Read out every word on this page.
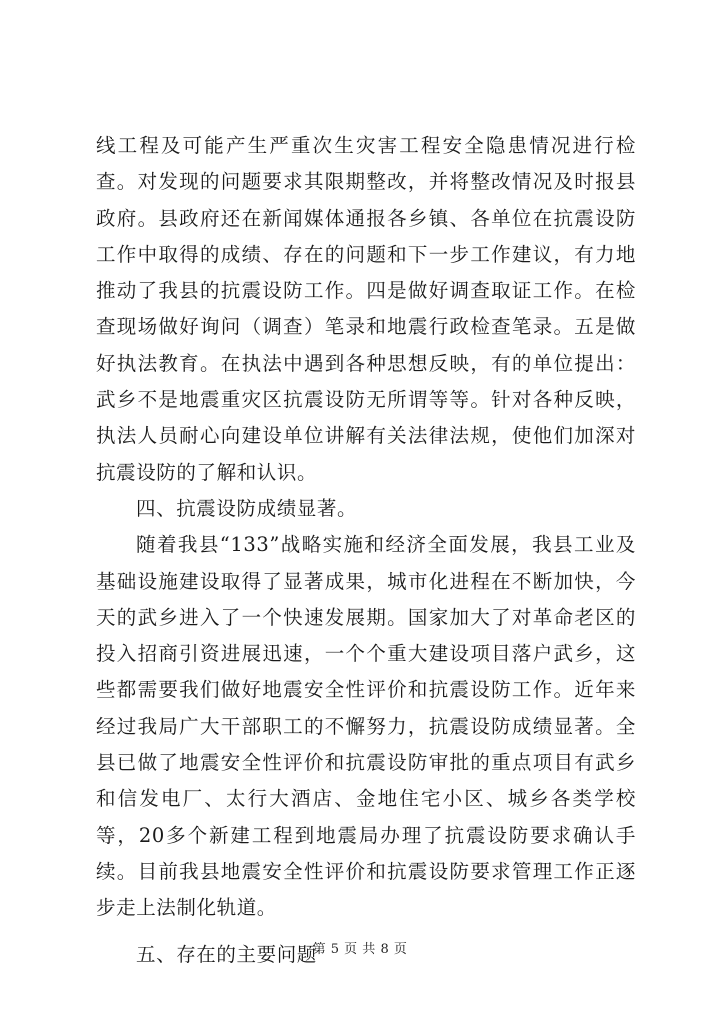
线工程及可能产生严重次生灾害工程安全隐患情况进行检查。对发现的问题要求其限期整改，并将整改情况及时报县政府。县政府还在新闻媒体通报各乡镇、各单位在抗震设防工作中取得的成绩、存在的问题和下一步工作建议，有力地推动了我县的抗震设防工作。四是做好调查取证工作。在检查现场做好询问（调查）笔录和地震行政检查笔录。五是做好执法教育。在执法中遇到各种思想反映，有的单位提出：武乡不是地震重灾区抗震设防无所谓等等。针对各种反映，执法人员耐心向建设单位讲解有关法律法规，使他们加深对抗震设防的了解和认识。

四、抗震设防成绩显著。

随着我县“133”战略实施和经济全面发展，我县工业及基础设施建设取得了显著成果，城市化进程在不断加快，今天的武乡进入了一个快速发展期。国家加大了对革命老区的投入招商引资进展迅速，一个个重大建设项目落户武乡，这些都需要我们做好地震安全性评价和抗震设防工作。近年来经过我局广大干部职工的不懈努力，抗震设防成绩显著。全县已做了地震安全性评价和抗震设防审批的重点项目有武乡和信发电厂、太行大酒店、金地住宅小区、城乡各类学校等，20多个新建工程到地震局办理了抗震设防要求确认手续。目前我县地震安全性评价和抗震设防要求管理工作正逐步走上法制化轨道。

五、存在的主要问题

第 5 页 共 8 页
